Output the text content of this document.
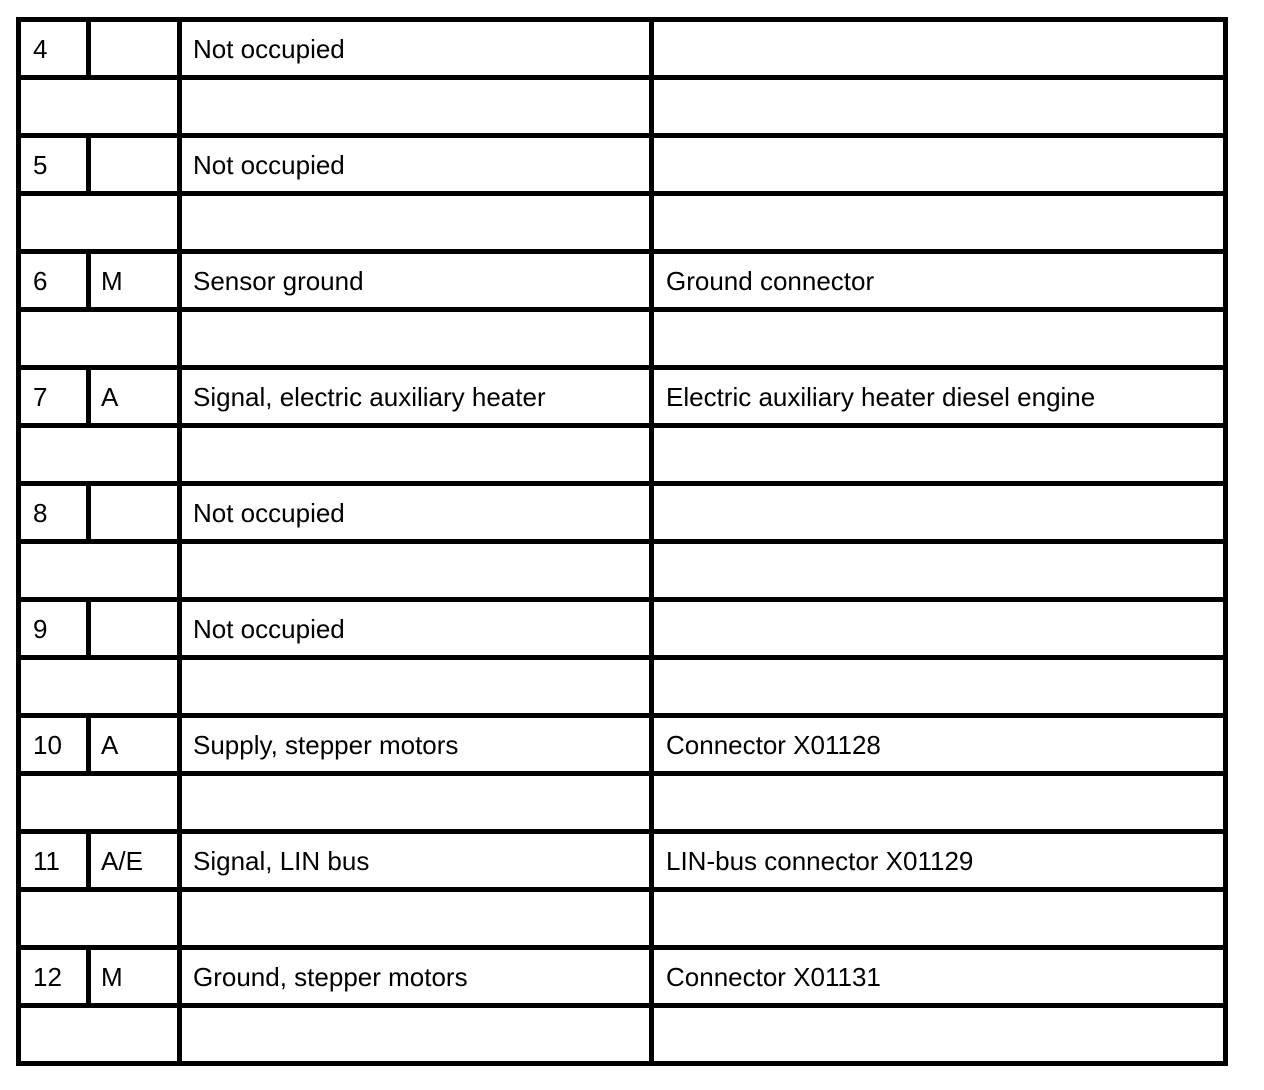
4		Not occupied	

5		Not occupied	

6	M	Sensor ground	Ground connector

7	A	Signal, electric auxiliary heater	Electric auxiliary heater diesel engine

8		Not occupied	

9		Not occupied	

10	A	Supply, stepper motors	Connector X01128

11	A/E	Signal, LIN bus	LIN-bus connector X01129

12	M	Ground, stepper motors	Connector X01131
